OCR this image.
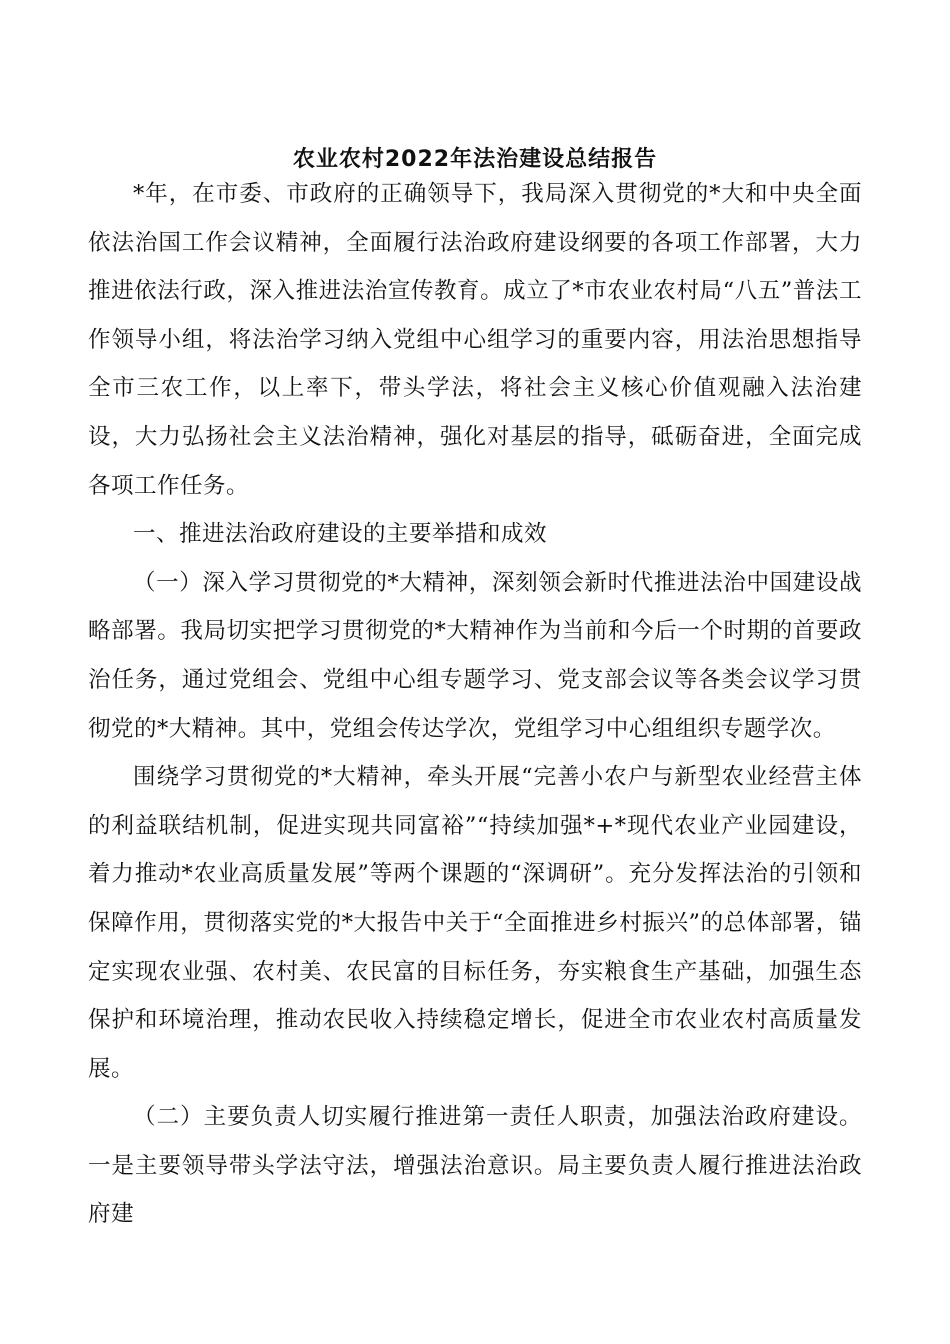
农业农村2022年法治建设总结报告

*年，在市委、市政府的正确领导下，我局深入贯彻党的*大和中央全面依法治国工作会议精神，全面履行法治政府建设纲要的各项工作部署，大力推进依法行政，深入推进法治宣传教育。成立了*市农业农村局“八五”普法工作领导小组，将法治学习纳入党组中心组学习的重要内容，用法治思想指导全市三农工作，以上率下，带头学法，将社会主义核心价值观融入法治建设，大力弘扬社会主义法治精神，强化对基层的指导，砥砺奋进，全面完成各项工作任务。

一、推进法治政府建设的主要举措和成效

（一）深入学习贯彻党的*大精神，深刻领会新时代推进法治中国建设战略部署。我局切实把学习贯彻党的*大精神作为当前和今后一个时期的首要政治任务，通过党组会、党组中心组专题学习、党支部会议等各类会议学习贯彻党的*大精神。其中，党组会传达学次，党组学习中心组组织专题学次。

围绕学习贯彻党的*大精神，牵头开展“完善小农户与新型农业经营主体的利益联结机制，促进实现共同富裕”“持续加强*+*现代农业产业园建设，着力推动*农业高质量发展”等两个课题的“深调研”。充分发挥法治的引领和保障作用，贯彻落实党的*大报告中关于“全面推进乡村振兴”的总体部署，锚定实现农业强、农村美、农民富的目标任务，夯实粮食生产基础，加强生态保护和环境治理，推动农民收入持续稳定增长，促进全市农业农村高质量发展。

（二）主要负责人切实履行推进第一责任人职责，加强法治政府建设。一是主要领导带头学法守法，增强法治意识。局主要负责人履行推进法治政府建
